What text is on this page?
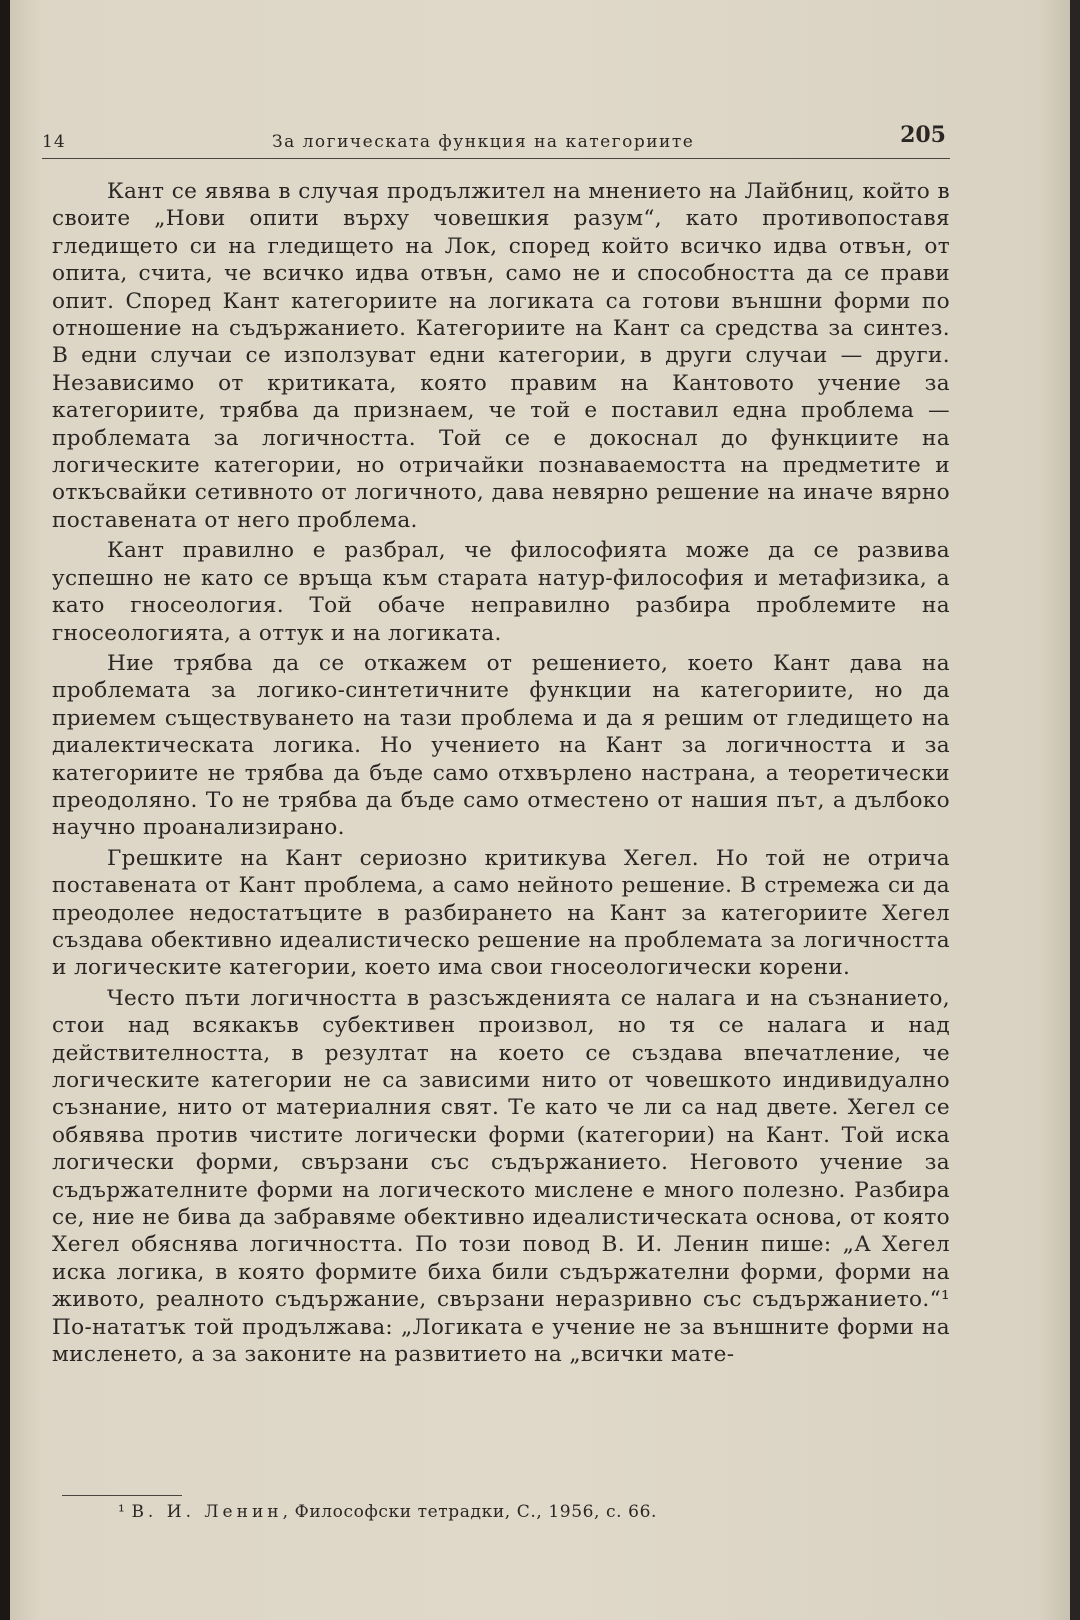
14	За логическата функция на категориите	205

Кант се явява в случая продължител на мнението на Лайбниц, който в своите „Нови опити върху човешкия разум“, като противопоставя гледището си на гледището на Лок, според който всичко идва отвън, от опита, счита, че всичко идва отвън, само не и способността да се прави опит. Според Кант категориите на логиката са готови външни форми по отношение на съдържанието. Категориите на Кант са средства за синтез. В едни случаи се използуват едни категории, в други случаи — други. Независимо от критиката, която правим на Кантовото учение за категориите, трябва да признаем, че той е поставил една проблема — проблемата за логичността. Той се е докоснал до функциите на логическите категории, но отричайки познаваемостта на предметите и откъсвайки сетивното от логичното, дава невярно решение на иначе вярно поставената от него проблема.

Кант правилно е разбрал, че философията може да се развива успешно не като се връща към старата натур-философия и метафизика, а като гносеология. Той обаче неправилно разбира проблемите на гносеологията, а оттук и на логиката.

Ние трябва да се откажем от решението, което Кант дава на проблемата за логико-синтетичните функции на категориите, но да приемем съществуването на тази проблема и да я решим от гледището на диалектическата логика. Но учението на Кант за логичността и за категориите не трябва да бъде само отхвърлено настрана, а теоретически преодоляно. То не трябва да бъде само отместено от нашия път, а дълбоко научно проанализирано.

Грешките на Кант сериозно критикува Хегел. Но той не отрича поставената от Кант проблема, а само нейното решение. В стремежа си да преодолее недостатъците в разбирането на Кант за категориите Хегел създава обективно идеалистическо решение на проблемата за логичността и логическите категории, което има свои гносеологически корени.

Често пъти логичността в разсъжденията се налага и на съзнанието, стои над всякакъв субективен произвол, но тя се налага и над действителността, в резултат на което се създава впечатление, че логическите категории не са зависими нито от човешкото индивидуално съзнание, нито от материалния свят. Те като че ли са над двете. Хегел се обявява против чистите логически форми (категории) на Кант. Той иска логически форми, свързани със съдържанието. Неговото учение за съдържателните форми на логическото мислене е много полезно. Разбира се, ние не бива да забравяме обективно идеалистическата основа, от която Хегел обяснява логичността. По този повод В. И. Ленин пише: „А Хегел иска логика, в която формите биха били съдържателни форми, форми на живото, реалното съдържание, свързани неразривно със съдържанието.“¹ По-нататък той продължава: „Логиката е учение не за външните форми на мисленето, а за законите на развитието на „всички мате-

¹ В. И. Ленин, Философски тетрадки, С., 1956, с. 66.
